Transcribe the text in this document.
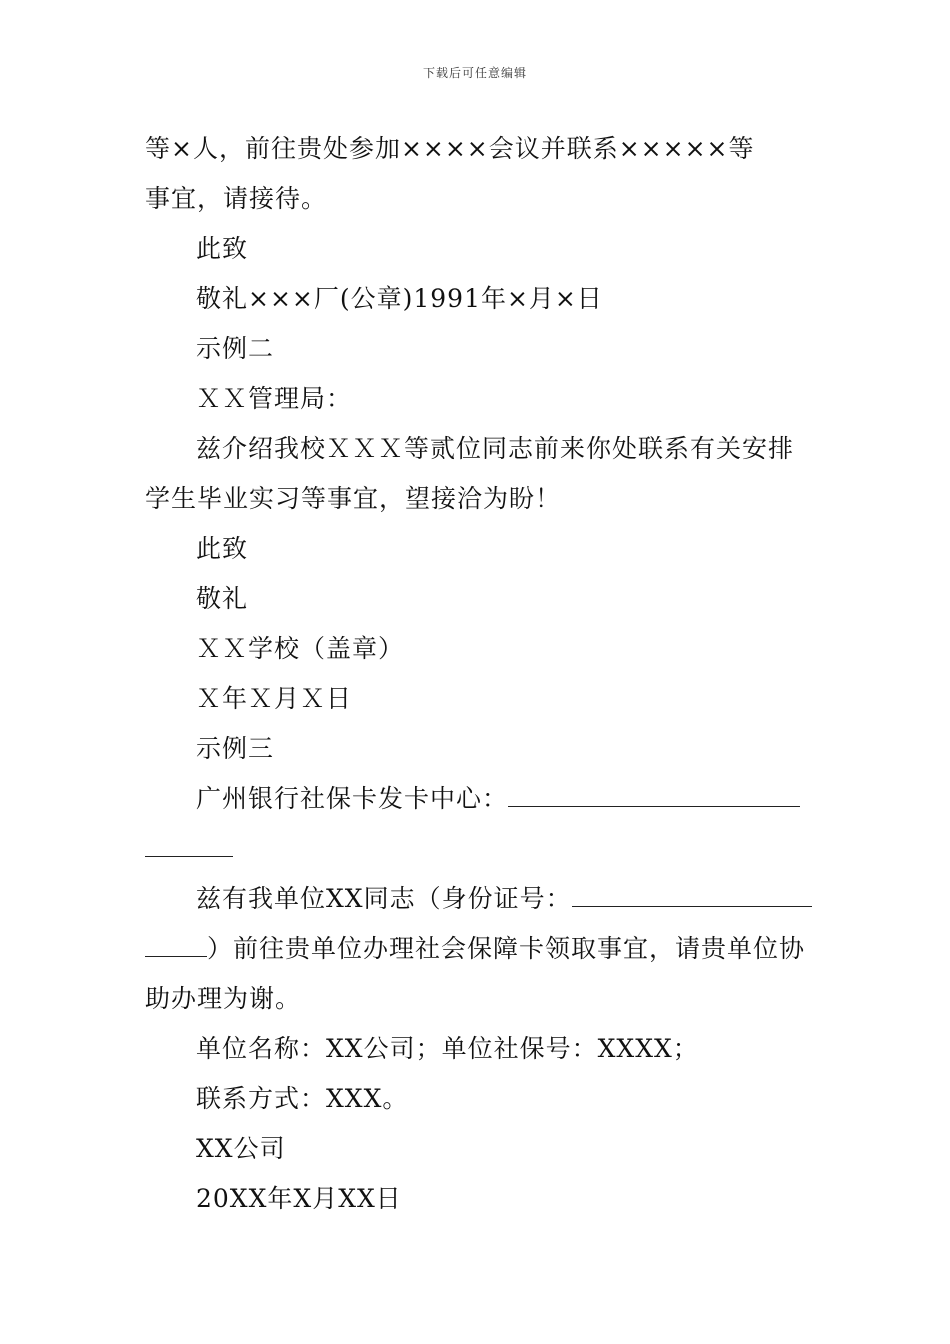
下载后可任意编辑
等×人，前往贵处参加××××会议并联系×××××等
事宜，请接待。
此致
敬礼×××厂(公章)1991年×月×日
示例二
ＸＸ管理局：
兹介绍我校ＸＸＸ等贰位同志前来你处联系有关安排
学生毕业实习等事宜，望接洽为盼！
此致
敬礼
ＸＸ学校（盖章）
Ｘ年Ｘ月Ｘ日
示例三
广州银行社保卡发卡中心：
兹有我单位XX同志（身份证号：
）前往贵单位办理社会保障卡领取事宜，请贵单位协
助办理为谢。
单位名称：XX公司；单位社保号：XXXX；
联系方式：XXX。
XX公司
20XX年X月XX日
